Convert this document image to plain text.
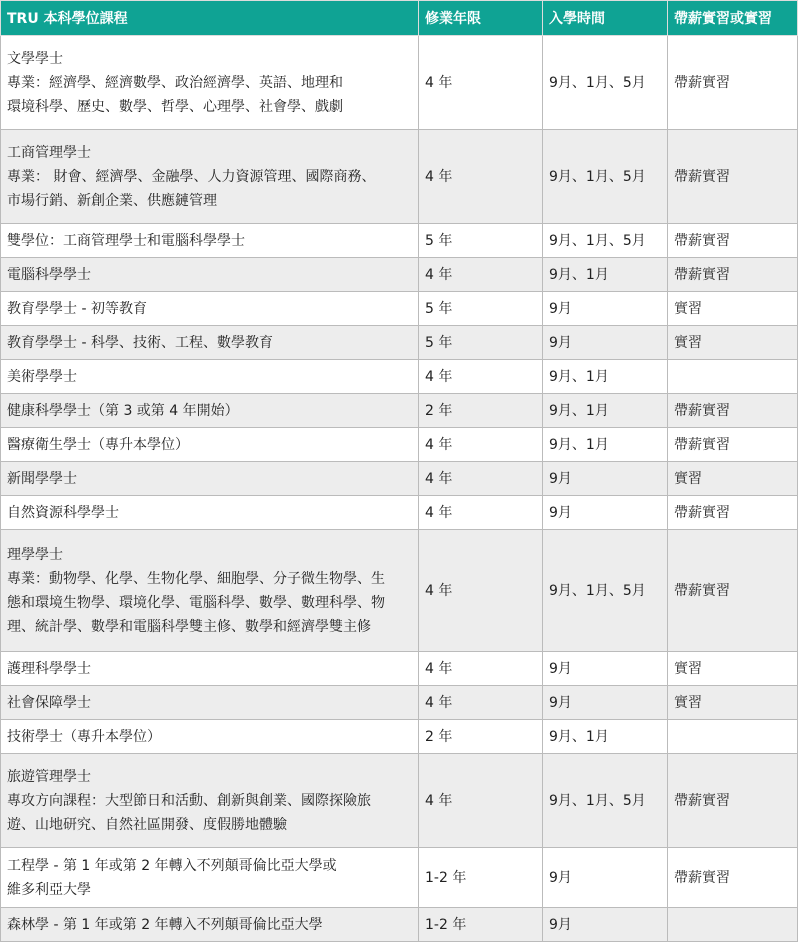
TRU 本科學位課程	修業年限	入學時間	帶薪實習或實習

文學學士
專業：經濟學、經濟數學、政治經濟學、英語、地理和
環境科學、歷史、數學、哲學、心理學、社會學、戲劇	4 年	9月、1月、5月	帶薪實習

工商管理學士
專業： 財會、經濟學、金融學、人力資源管理、國際商務、
市場行銷、新創企業、供應鏈管理	4 年	9月、1月、5月	帶薪實習

雙學位：工商管理學士和電腦科學學士	5 年	9月、1月、5月	帶薪實習

電腦科學學士	4 年	9月、1月	帶薪實習

教育學學士 - 初等教育	5 年	9月	實習

教育學學士 - 科學、技術、工程、數學教育	5 年	9月	實習

美術學學士	4 年	9月、1月	

健康科學學士（第 3 或第 4 年開始）	2 年	9月、1月	帶薪實習

醫療衛生學士（專升本學位）	4 年	9月、1月	帶薪實習

新聞學學士	4 年	9月	實習

自然資源科學學士	4 年	9月	帶薪實習

理學學士
專業：動物學、化學、生物化學、細胞學、分子微生物學、生
態和環境生物學、環境化學、電腦科學、數學、數理科學、物
理、統計學、數學和電腦科學雙主修、數學和經濟學雙主修	4 年	9月、1月、5月	帶薪實習

護理科學學士	4 年	9月	實習

社會保障學士	4 年	9月	實習

技術學士（專升本學位）	2 年	9月、1月	

旅遊管理學士
專攻方向課程：大型節日和活動、創新與創業、國際探險旅
遊、山地研究、自然社區開發、度假勝地體驗	4 年	9月、1月、5月	帶薪實習

工程學 - 第 1 年或第 2 年轉入不列顛哥倫比亞大學或
維多利亞大學	1-2 年	9月	帶薪實習

森林學 - 第 1 年或第 2 年轉入不列顛哥倫比亞大學	1-2 年	9月	
